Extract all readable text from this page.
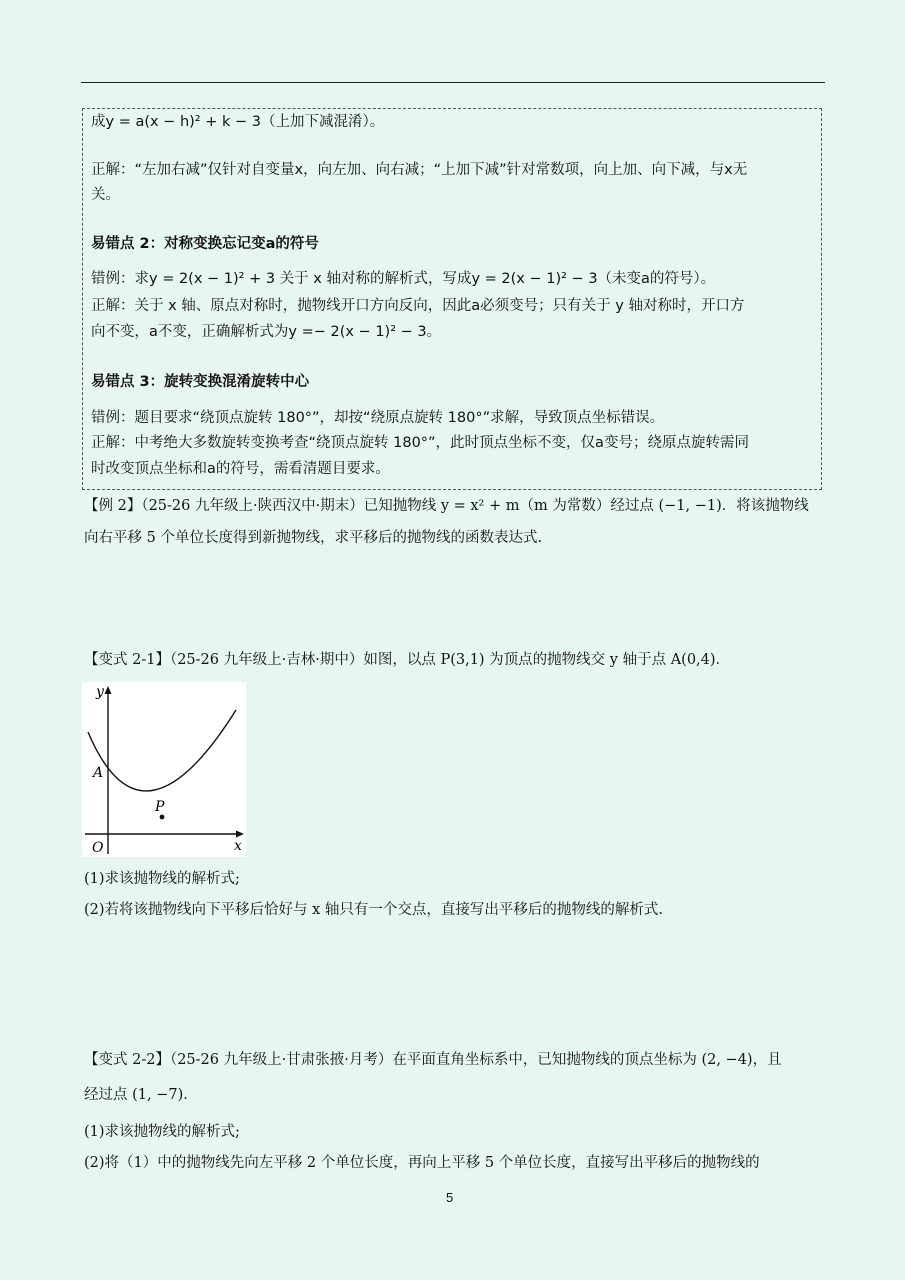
成y = a(x − h)² + k − 3（上加下减混淆）。
正解：“左加右减”仅针对自变量x，向左加、向右减；“上加下减”针对常数项，向上加、向下减，与x无
关。
易错点 2：对称变换忘记变a的符号
错例：求y = 2(x − 1)² + 3 关于 x 轴对称的解析式，写成y = 2(x − 1)² − 3（未变a的符号）。
正解：关于 x 轴、原点对称时，抛物线开口方向反向，因此a必须变号；只有关于 y 轴对称时，开口方
向不变，a不变，正确解析式为y =− 2(x − 1)² − 3。
易错点 3：旋转变换混淆旋转中心
错例：题目要求“绕顶点旋转 180°”，却按“绕原点旋转 180°”求解，导致顶点坐标错误。
正解：中考绝大多数旋转变换考查“绕顶点旋转 180°”，此时顶点坐标不变，仅a变号；绕原点旋转需同
时改变顶点坐标和a的符号，需看清题目要求。
【例 2】（25-26 九年级上·陕西汉中·期末）已知抛物线 y = x² + m（m 为常数）经过点 (−1, −1)．将该抛物线
向右平移 5 个单位长度得到新抛物线，求平移后的抛物线的函数表达式.
【变式 2-1】（25-26 九年级上·吉林·期中）如图，以点 P(3,1) 为顶点的抛物线交 y 轴于点 A(0,4)．
y
x
O
A
P
(1)求该抛物线的解析式;
(2)若将该抛物线向下平移后恰好与 x 轴只有一个交点，直接写出平移后的抛物线的解析式.
【变式 2-2】（25-26 九年级上·甘肃张掖·月考）在平面直角坐标系中，已知抛物线的顶点坐标为 (2, −4)，且
经过点 (1, −7)．
(1)求该抛物线的解析式;
(2)将（1）中的抛物线先向左平移 2 个单位长度，再向上平移 5 个单位长度，直接写出平移后的抛物线的
5
